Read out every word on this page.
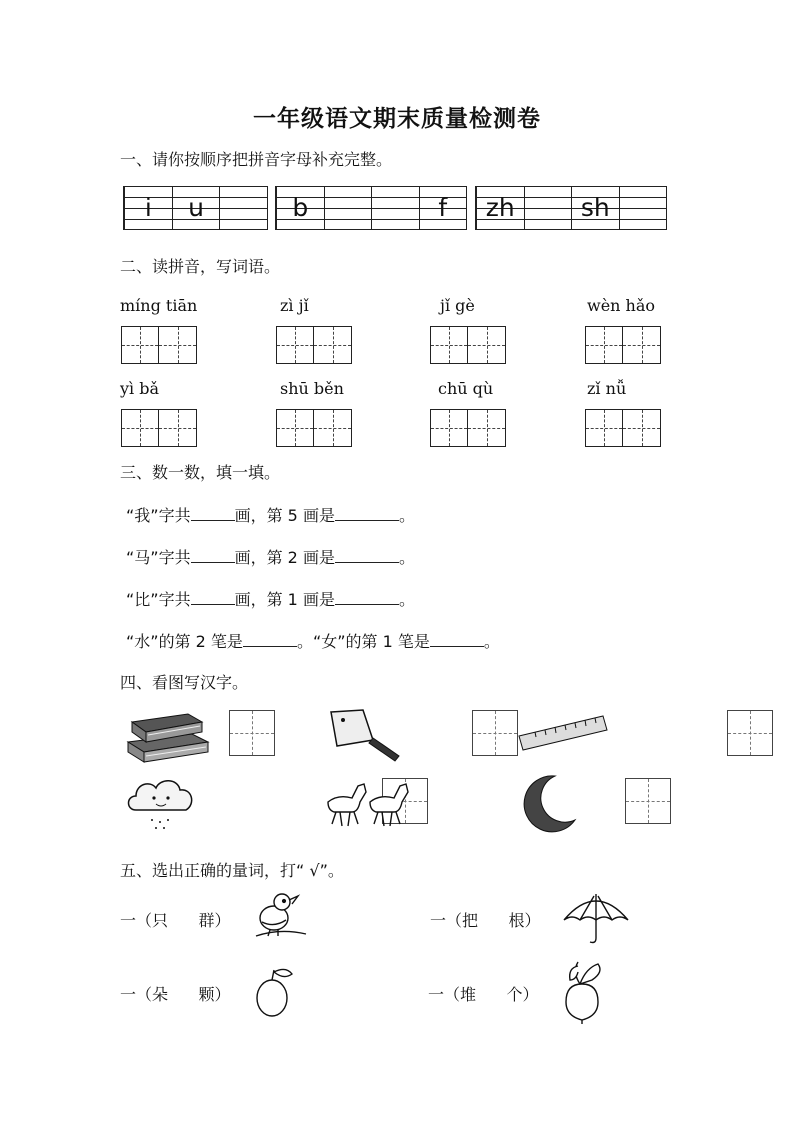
一年级语文期末质量检测卷
一、请你按顺序把拼音字母补充完整。
i	u	b	f	zh	sh
二、读拼音，写词语。
míng tiān	zì jǐ	jǐ gè	wèn hǎo
yì bǎ	shū běn	chū qù	zǐ nǚ
三、数一数，填一填。
“我”字共	画，第 5 画是	。
“马”字共	画，第 2 画是	。
“比”字共	画，第 1 画是	。
“水”的第 2 笔是	。“女”的第 1 笔是	。
四、看图写汉字。

五、选出正确的量词，打“ √”。
一（只      群）	一（把      根）
一（朵      颗）	一（堆      个）
